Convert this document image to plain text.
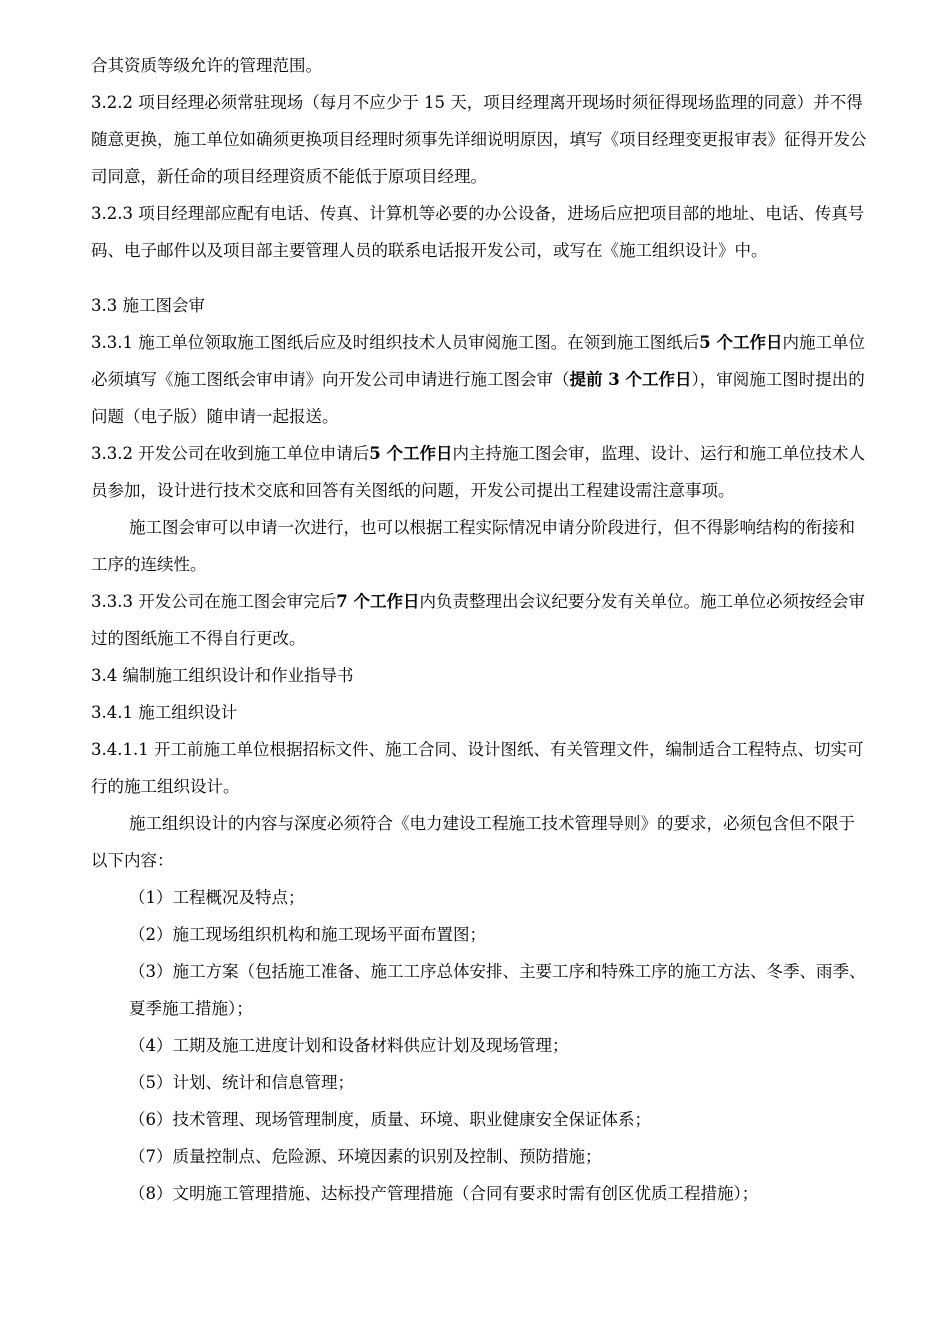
合其资质等级允许的管理范围。

3.2.2 项目经理必须常驻现场（每月不应少于 15 天，项目经理离开现场时须征得现场监理的同意）并不得随意更换，施工单位如确须更换项目经理时须事先详细说明原因，填写《项目经理变更报审表》征得开发公司同意，新任命的项目经理资质不能低于原项目经理。

3.2.3 项目经理部应配有电话、传真、计算机等必要的办公设备，进场后应把项目部的地址、电话、传真号码、电子邮件以及项目部主要管理人员的联系电话报开发公司，或写在《施工组织设计》中。

3.3 施工图会审

3.3.1 施工单位领取施工图纸后应及时组织技术人员审阅施工图。在领到施工图纸后5 个工作日内施工单位必须填写《施工图纸会审申请》向开发公司申请进行施工图会审（提前 3 个工作日），审阅施工图时提出的问题（电子版）随申请一起报送。

3.3.2 开发公司在收到施工单位申请后5 个工作日内主持施工图会审，监理、设计、运行和施工单位技术人员参加，设计进行技术交底和回答有关图纸的问题，开发公司提出工程建设需注意事项。

施工图会审可以申请一次进行，也可以根据工程实际情况申请分阶段进行，但不得影响结构的衔接和工序的连续性。

3.3.3 开发公司在施工图会审完后7 个工作日内负责整理出会议纪要分发有关单位。施工单位必须按经会审过的图纸施工不得自行更改。

3.4 编制施工组织设计和作业指导书

3.4.1 施工组织设计

3.4.1.1 开工前施工单位根据招标文件、施工合同、设计图纸、有关管理文件，编制适合工程特点、切实可行的施工组织设计。

施工组织设计的内容与深度必须符合《电力建设工程施工技术管理导则》的要求，必须包含但不限于以下内容：

（1）工程概况及特点；

（2）施工现场组织机构和施工现场平面布置图；

（3）施工方案（包括施工准备、施工工序总体安排、主要工序和特殊工序的施工方法、冬季、雨季、夏季施工措施）；

（4）工期及施工进度计划和设备材料供应计划及现场管理；

（5）计划、统计和信息管理；

（6）技术管理、现场管理制度，质量、环境、职业健康安全保证体系；

（7）质量控制点、危险源、环境因素的识别及控制、预防措施；

（8）文明施工管理措施、达标投产管理措施（合同有要求时需有创区优质工程措施）；
